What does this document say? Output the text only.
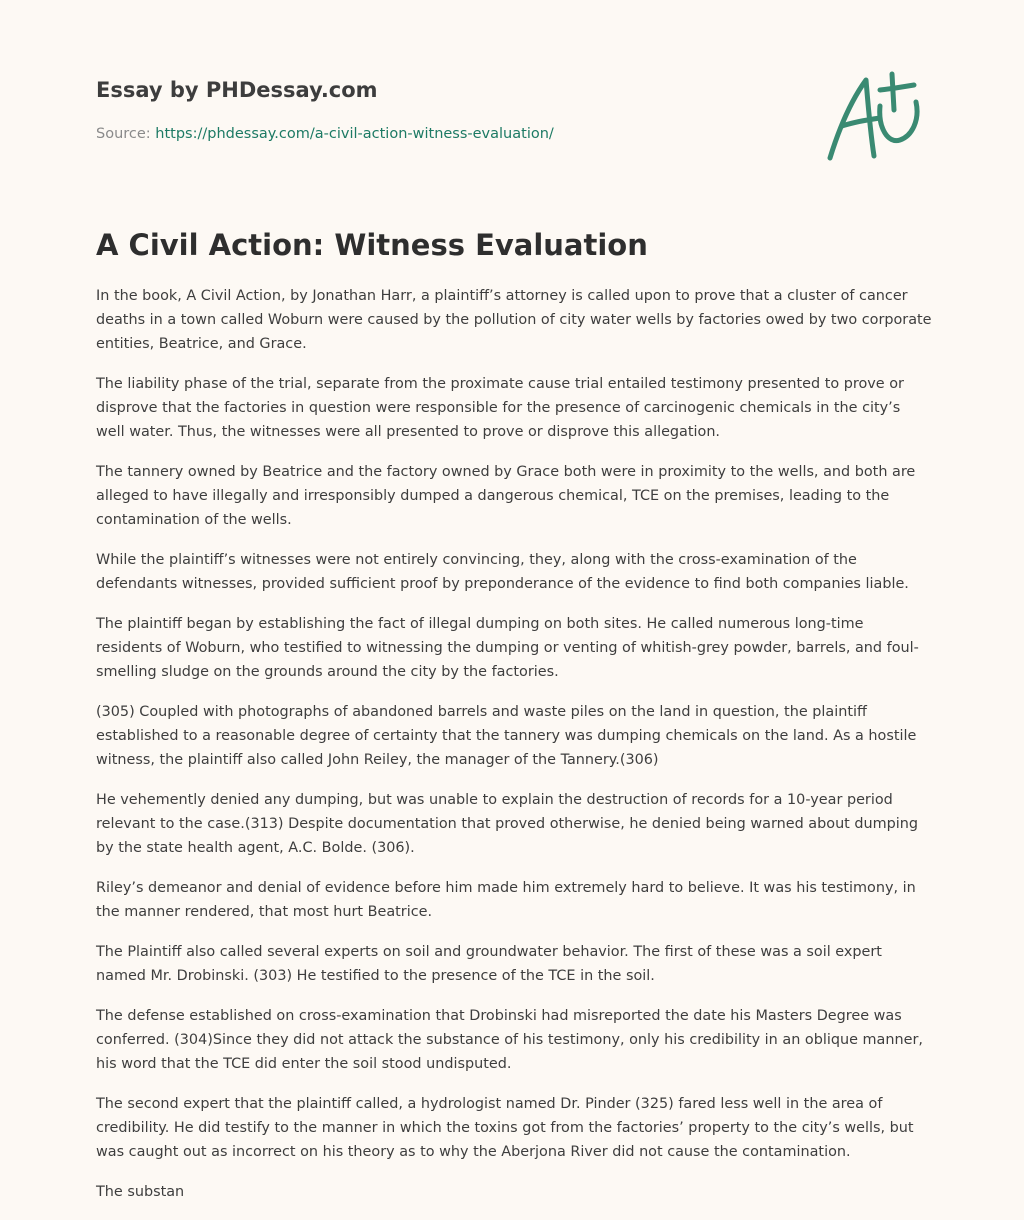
Essay by PHDessay.com
Source: https://phdessay.com/a-civil-action-witness-evaluation/
A Civil Action: Witness Evaluation

In the book, A Civil Action, by Jonathan Harr, a plaintiff’s attorney is called upon to prove that a cluster of cancer deaths in a town called Woburn were caused by the pollution of city water wells by factories owed by two corporate entities, Beatrice, and Grace.

The liability phase of the trial, separate from the proximate cause trial entailed testimony presented to prove or disprove that the factories in question were responsible for the presence of carcinogenic chemicals in the city’s well water. Thus, the witnesses were all presented to prove or disprove this allegation.

The tannery owned by Beatrice and the factory owned by Grace both were in proximity to the wells, and both are alleged to have illegally and irresponsibly dumped a dangerous chemical, TCE on the premises, leading to the contamination of the wells.

While the plaintiff’s witnesses were not entirely convincing, they, along with the cross-examination of the defendants witnesses, provided sufficient proof by preponderance of the evidence to find both companies liable.

The plaintiff began by establishing the fact of illegal dumping on both sites. He called numerous long-time residents of Woburn, who testified to witnessing the dumping or venting of whitish-grey powder, barrels, and foul-smelling sludge on the grounds around the city by the factories.

(305) Coupled with photographs of abandoned barrels and waste piles on the land in question, the plaintiff established to a reasonable degree of certainty that the tannery was dumping chemicals on the land. As a hostile witness, the plaintiff also called John Reiley, the manager of the Tannery.(306)

He vehemently denied any dumping, but was unable to explain the destruction of records for a 10-year period relevant to the case.(313) Despite documentation that proved otherwise, he denied being warned about dumping by the state health agent, A.C. Bolde. (306).

Riley’s demeanor and denial of evidence before him made him extremely hard to believe. It was his testimony, in the manner rendered, that most hurt Beatrice.

The Plaintiff also called several experts on soil and groundwater behavior. The first of these was a soil expert named Mr. Drobinski. (303) He testified to the presence of the TCE in the soil.

The defense established on cross-examination that Drobinski had misreported the date his Masters Degree was conferred. (304)Since they did not attack the substance of his testimony, only his credibility in an oblique manner, his word that the TCE did enter the soil stood undisputed.

The second expert that the plaintiff called, a hydrologist named Dr. Pinder (325) fared less well in the area of credibility. He did testify to the manner in which the toxins got from the factories’ property to the city’s wells, but was caught out as incorrect on his theory as to why the Aberjona River did not cause the contamination.

The substan
